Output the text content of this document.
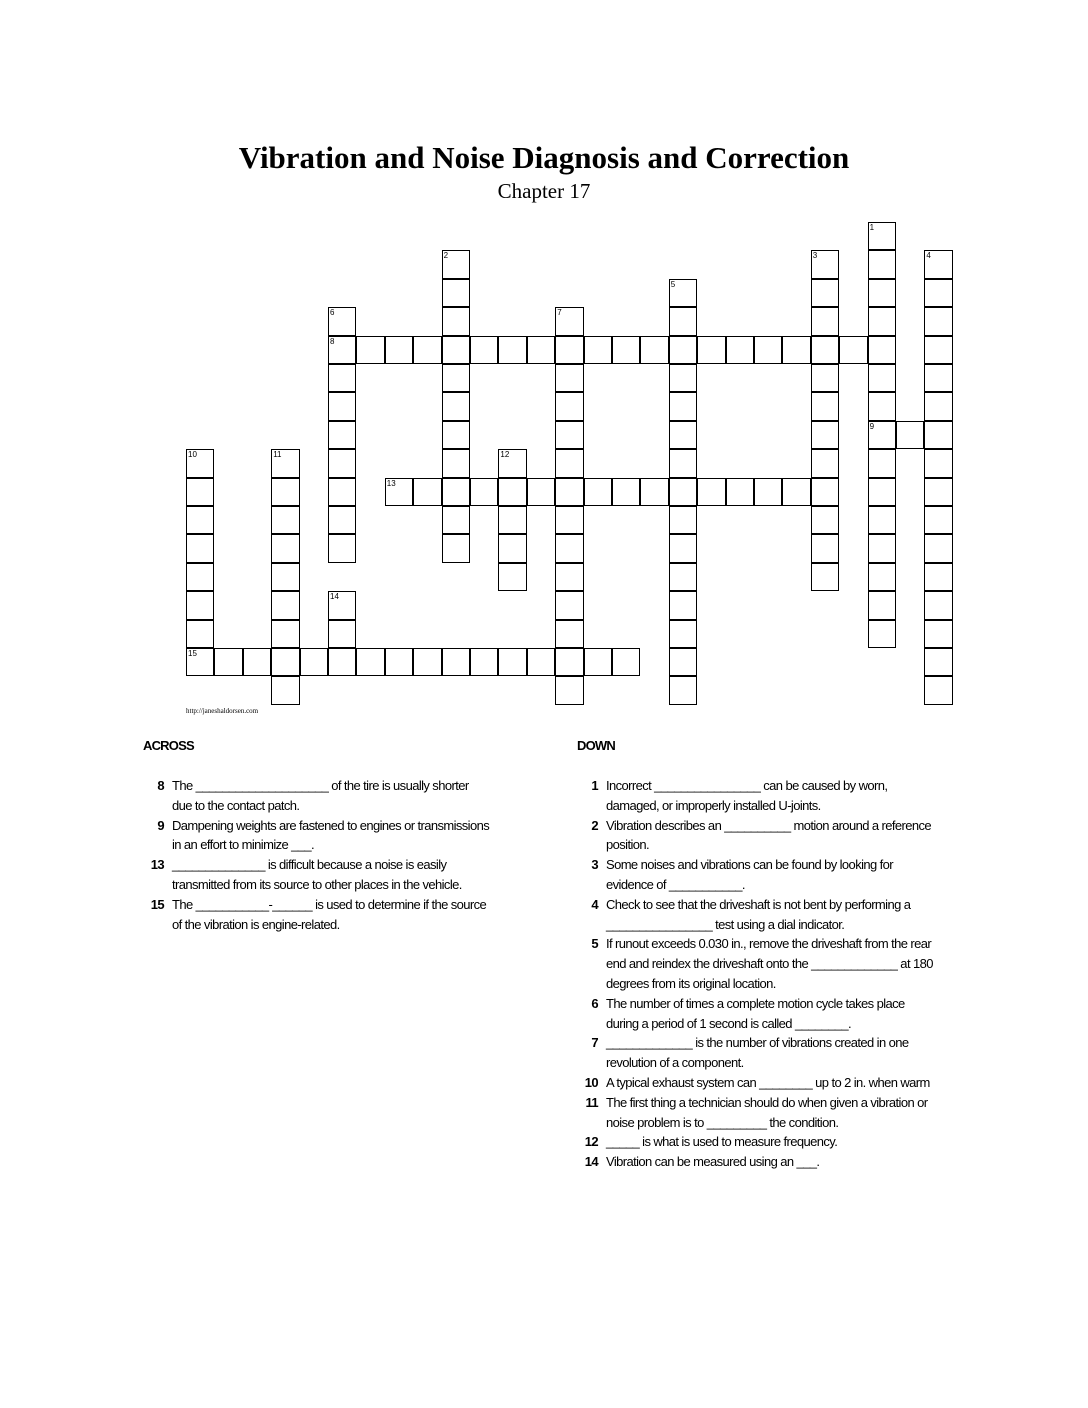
Vibration and Noise Diagnosis and Correction
Chapter 17
1
2	3	4
5
6	7
8
9
10	11	12
13
14
15
http://janeshaldorsen.com
ACROSS	DOWN
8 The ____________________ of the tire is usually shorter due to the contact patch.
9 Dampening weights are fastened to engines or transmissions in an effort to minimize ___.
13 ______________ is difficult because a noise is easily transmitted from its source to other places in the vehicle.
15 The ___________-______ is used to determine if the source of the vibration is engine-related.
1 Incorrect ________________ can be caused by worn, damaged, or improperly installed U-joints.
2 Vibration describes an __________ motion around a reference position.
3 Some noises and vibrations can be found by looking for evidence of ___________.
4 Check to see that the driveshaft is not bent by performing a ________________ test using a dial indicator.
5 If runout exceeds 0.030 in., remove the driveshaft from the rear end and reindex the driveshaft onto the _____________ at 180 degrees from its original location.
6 The number of times a complete motion cycle takes place during a period of 1 second is called ________.
7 _____________ is the number of vibrations created in one revolution of a component.
10 A typical exhaust system can ________ up to 2 in. when warm
11 The first thing a technician should do when given a vibration or noise problem is to _________ the condition.
12 _____ is what is used to measure frequency.
14 Vibration can be measured using an ___.
